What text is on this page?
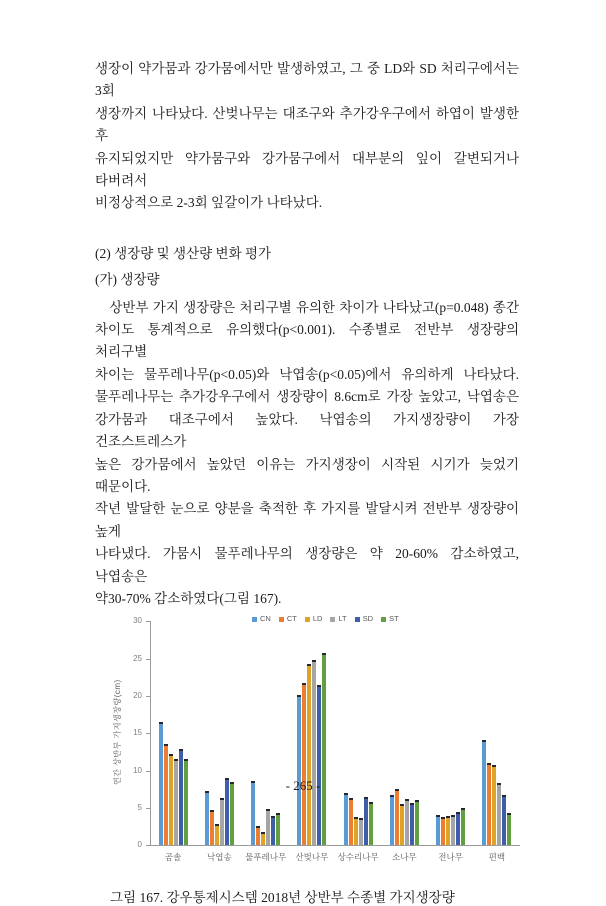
생장이 약가뭄과 강가뭄에서만 발생하였고, 그 중 LD와 SD 처리구에서는 3회
생장까지 나타났다. 산벚나무는 대조구와 추가강우구에서 하엽이 발생한 후
유지되었지만 약가뭄구와 강가뭄구에서 대부분의 잎이 갈변되거나 타버려서
비정상적으로 2-3회 잎갈이가 나타났다.
(2) 생장량 및 생산량 변화 평가
(가) 생장량
　상반부 가지 생장량은 처리구별 유의한 차이가 나타났고(p=0.048) 종간
차이도 통계적으로 유의했다(p<0.001). 수종별로 전반부 생장량의 처리구별
차이는 물푸레나무(p<0.05)와 낙엽송(p<0.05)에서 유의하게 나타났다.
물푸레나무는 추가강우구에서 생장량이 8.6cm로 가장 높았고, 낙엽송은
강가뭄과 대조구에서 높았다. 낙엽송의 가지생장량이 가장 건조스트레스가
높은 강가뭄에서 높았던 이유는 가지생장이 시작된 시기가 늦었기 때문이다.
작년 발달한 눈으로 양분을 축적한 후 가지를 발달시켜 전반부 생장량이 높게
나타냈다. 가뭄시 물푸레나무의 생장량은 약 20-60% 감소하였고, 낙엽송은
약30-70% 감소하였다(그림 167).
0
5
10
15
20
25
30
연간 상반부 가지생장량(cm)
CN CT LD LT SD ST
곰솔	낙엽송	물푸레나무	산벚나무	상수리나무	소나무	전나무	편백
그림 167. 강우통제시스템 2018년 상반부 수종별 가지생장량
- 265 -
